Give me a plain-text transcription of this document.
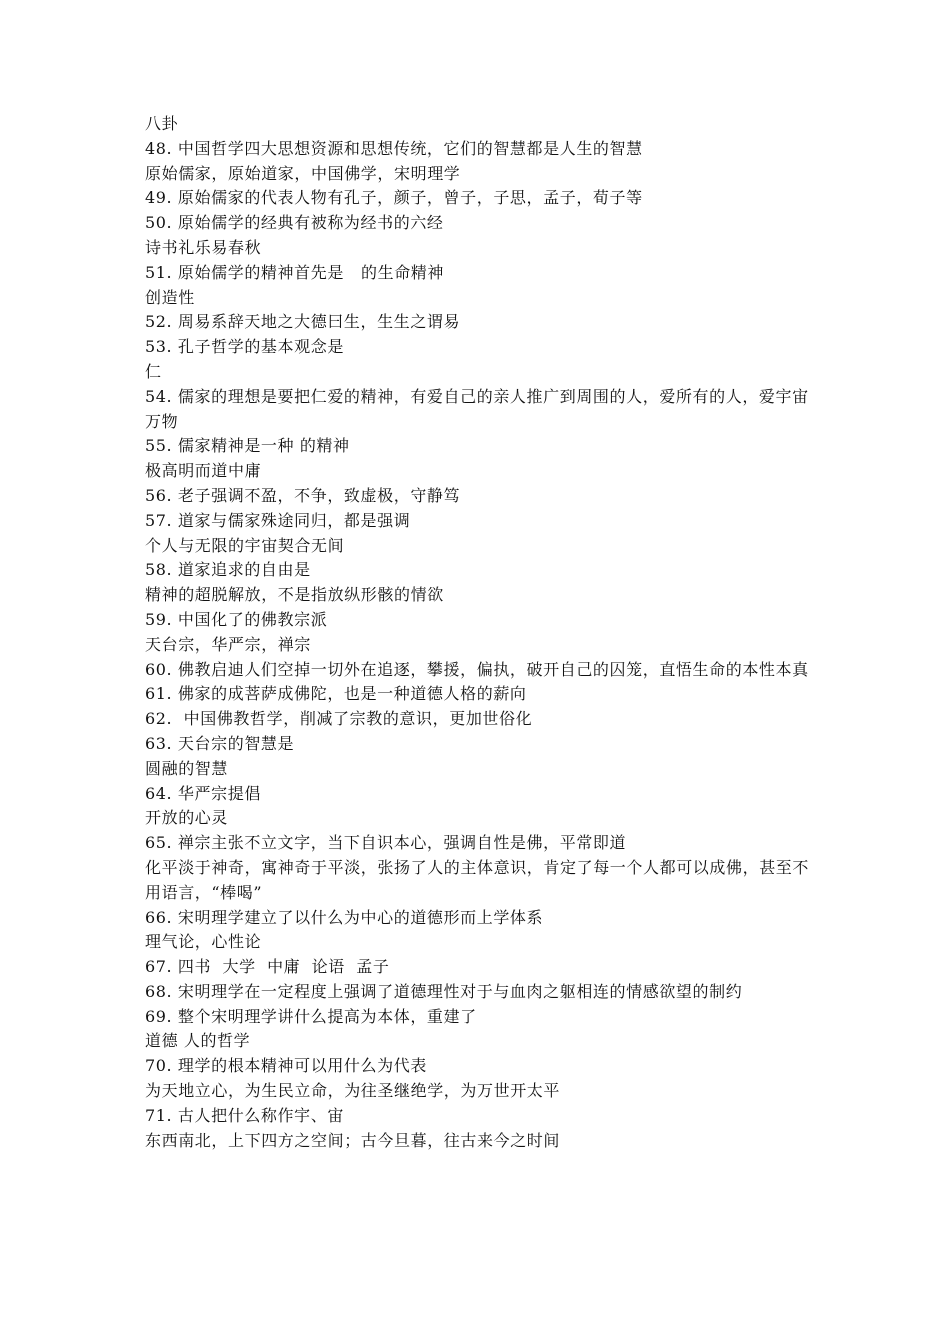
八卦

48. 中国哲学四大思想资源和思想传统，它们的智慧都是人生的智慧

原始儒家，原始道家，中国佛学，宋明理学

49. 原始儒家的代表人物有孔子，颜子，曾子，子思，孟子，荀子等

50. 原始儒学的经典有被称为经书的六经

诗书礼乐易春秋

51. 原始儒学的精神首先是   的生命精神

创造性

52. 周易系辞天地之大德曰生，生生之谓易

53. 孔子哲学的基本观念是

仁

54. 儒家的理想是要把仁爱的精神，有爱自己的亲人推广到周围的人，爱所有的人，爱宇宙万物

55. 儒家精神是一种 的精神

极高明而道中庸

56. 老子强调不盈，不争，致虚极，守静笃

57. 道家与儒家殊途同归，都是强调

个人与无限的宇宙契合无间

58. 道家追求的自由是

精神的超脱解放，不是指放纵形骸的情欲

59. 中国化了的佛教宗派

天台宗，华严宗，禅宗

60. 佛教启迪人们空掉一切外在追逐，攀援，偏执，破开自己的囚笼，直悟生命的本性本真

61. 佛家的成菩萨成佛陀，也是一种道德人格的薪向

62.  中国佛教哲学，削减了宗教的意识，更加世俗化

63. 天台宗的智慧是

圆融的智慧

64. 华严宗提倡

开放的心灵

65. 禅宗主张不立文字，当下自识本心，强调自性是佛，平常即道

化平淡于神奇，寓神奇于平淡，张扬了人的主体意识，肯定了每一个人都可以成佛，甚至不用语言，“棒喝”

66. 宋明理学建立了以什么为中心的道德形而上学体系

理气论，心性论

67. 四书  大学  中庸  论语  孟子

68. 宋明理学在一定程度上强调了道德理性对于与血肉之躯相连的情感欲望的制约

69. 整个宋明理学讲什么提高为本体，重建了

道德 人的哲学

70. 理学的根本精神可以用什么为代表

为天地立心，为生民立命，为往圣继绝学，为万世开太平

71. 古人把什么称作宇、宙

东西南北，上下四方之空间；古今旦暮，往古来今之时间
